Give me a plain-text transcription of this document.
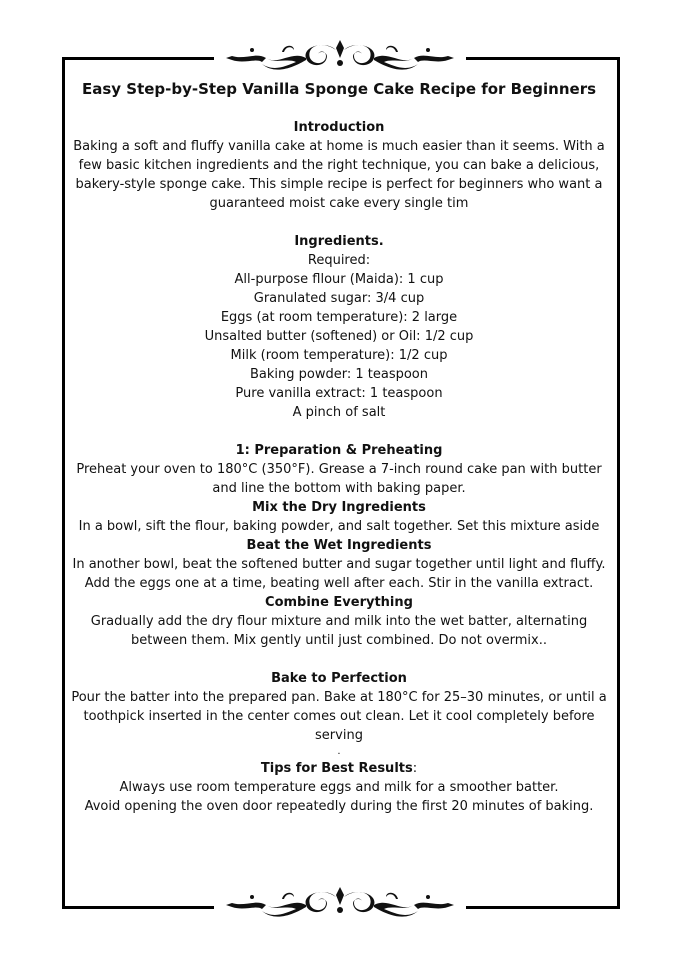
Easy Step-by-Step Vanilla Sponge Cake Recipe for Beginners
Introduction

Baking a soft and fluffy vanilla cake at home is much easier than it seems. With a

few basic kitchen ingredients and the right technique, you can bake a delicious,

bakery-style sponge cake. This simple recipe is perfect for beginners who want a

guaranteed moist cake every single tim

Ingredients.

Required:

All-purpose fllour (Maida): 1 cup

Granulated sugar: 3/4 cup

Eggs (at room temperature): 2 large

Unsalted butter (softened) or Oil: 1/2 cup

Milk (room temperature): 1/2 cup

Baking powder: 1 teaspoon

Pure vanilla extract: 1 teaspoon

A pinch of salt

1: Preparation & Preheating

Preheat your oven to 180°C (350°F). Grease a 7-inch round cake pan with butter

and line the bottom with baking paper.

Mix the Dry Ingredients

In a bowl, sift the flour, baking powder, and salt together. Set this mixture aside

Beat the Wet Ingredients

In another bowl, beat the softened butter and sugar together until light and fluffy.

Add the eggs one at a time, beating well after each. Stir in the vanilla extract.

Combine Everything

Gradually add the dry flour mixture and milk into the wet batter, alternating

between them. Mix gently until just combined. Do not overmix..

Bake to Perfection

Pour the batter into the prepared pan. Bake at 180°C for 25–30 minutes, or until a

toothpick inserted in the center comes out clean. Let it cool completely before

serving

.

Tips for Best Results:

Always use room temperature eggs and milk for a smoother batter.

Avoid opening the oven door repeatedly during the first 20 minutes of baking.
